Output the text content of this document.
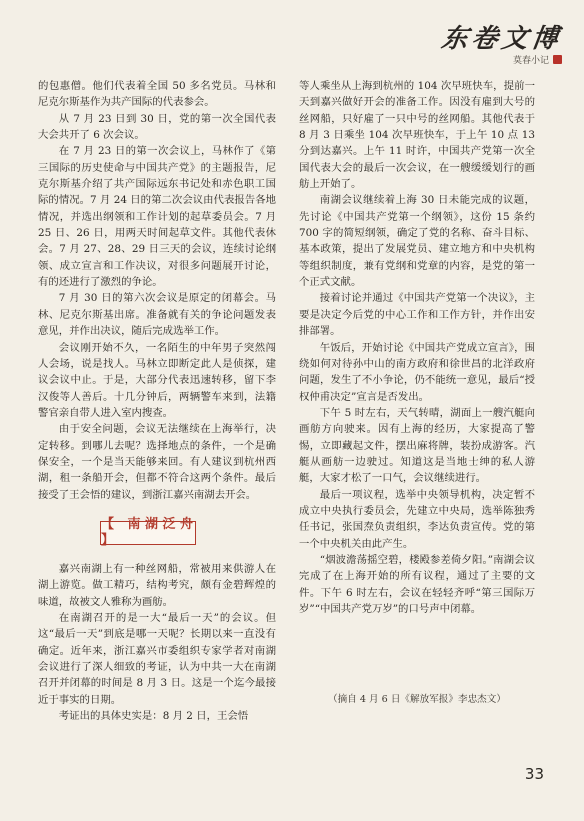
东卷文博
莫春小记

的包惠僧。他们代表着全国 50 多名党员。马林和尼克尔斯基作为共产国际的代表参会。

从 7 月 23 日到 30 日，党的第一次全国代表大会共开了 6 次会议。

在 7 月 23 日的第一次会议上，马林作了《第三国际的历史使命与中国共产党》的主题报告，尼克尔斯基介绍了共产国际远东书记处和赤色职工国际的情况。7 月 24 日的第二次会议由代表报告各地情况，并选出纲领和工作计划的起草委员会。7 月 25 日、26 日，用两天时间起草文件。其他代表休会。7 月 27、28、29 日三天的会议，连续讨论纲领、成立宣言和工作决议，对很多问题展开讨论，有的还进行了激烈的争论。

7 月 30 日的第六次会议是原定的闭幕会。马林、尼克尔斯基出席。准备就有关的争论问题发表意见，并作出决议，随后完成选举工作。

会议刚开始不久，一名陌生的中年男子突然闯人会场，说是找人。马林立即断定此人是侦探，建议会议中止。于是，大部分代表迅速转移，留下李汉俊等人善后。十几分钟后，两辆警车来到，法籍警官亲自带人进入室内搜查。

由于安全问题，会议无法继续在上海举行，决定转移。到哪儿去呢？选择地点的条件，一个是确保安全，一个是当天能够来回。有人建议到杭州西湖，租一条船开会，但都不符合这两个条件。最后接受了王会悟的建议，到浙江嘉兴南湖去开会。

【 南湖泛舟 】

嘉兴南湖上有一种丝网船，常被用来供游人在湖上游览。做工精巧，结构考究，颇有金碧辉煌的味道，故被文人雅称为画舫。

在南湖召开的是一大“最后一天”的会议。但这“最后一天”到底是哪一天呢？长期以来一直没有确定。近年来，浙江嘉兴市委组织专家学者对南湖会议进行了深人细致的考证，认为中共一大在南湖召开并闭幕的时间是 8 月 3 日。这是一个迄今最接近于事实的日期。

考证出的具体史实是：8 月 2 日，王会悟

等人乘坐从上海到杭州的 104 次早班快车，提前一天到嘉兴做好开会的准备工作。因没有雇到大号的丝网船，只好雇了一只中号的丝网船。其他代表于 8 月 3 日乘坐 104 次早班快车，于上午 10 点 13 分到达嘉兴。上午 11 时许，中国共产党第一次全国代表大会的最后一次会议，在一艘缓缓划行的画舫上开始了。

南湖会议继续着上海 30 日未能完成的议题，先讨论《中国共产党第一个纲领》，这份 15 条约 700 字的简短纲领，确定了党的名称、奋斗目标、基本政策，提出了发展党员、建立地方和中央机构等组织制度，兼有党纲和党章的内容，是党的第一个正式文献。

接着讨论并通过《中国共产党第一个决议》，主要是决定今后党的中心工作和工作方针，并作出安排部署。

午饭后，开始讨论《中国共产党成立宣言》，围绕如何对待孙中山的南方政府和徐世昌的北洋政府问题，发生了不小争论，仍不能统一意见，最后“授权仲甫决定”宣言是否发出。

下午 5 时左右，天气转晴，湖面上一艘汽艇向画舫方向驶来。因有上海的经历，大家提高了警惕，立即藏起文件，摆出麻将牌，装扮成游客。汽艇从画舫一边驶过。知道这是当地士绅的私人游艇，大家才松了一口气，会议继续进行。

最后一项议程，选举中央领导机构，决定暂不成立中央执行委员会，先建立中央局，选举陈独秀任书记，张国焘负责组织，李达负责宣传。党的第一个中央机关由此产生。

“烟波澹荡摇空碧，楼殿参差倚夕阳。”南湖会议完成了在上海开始的所有议程，通过了主要的文件。下午 6 时左右，会议在轻轻齐呼“第三国际万岁”“中国共产党万岁”的口号声中闭幕。

（摘自 4 月 6 日《解放军报》李忠杰文）
33
